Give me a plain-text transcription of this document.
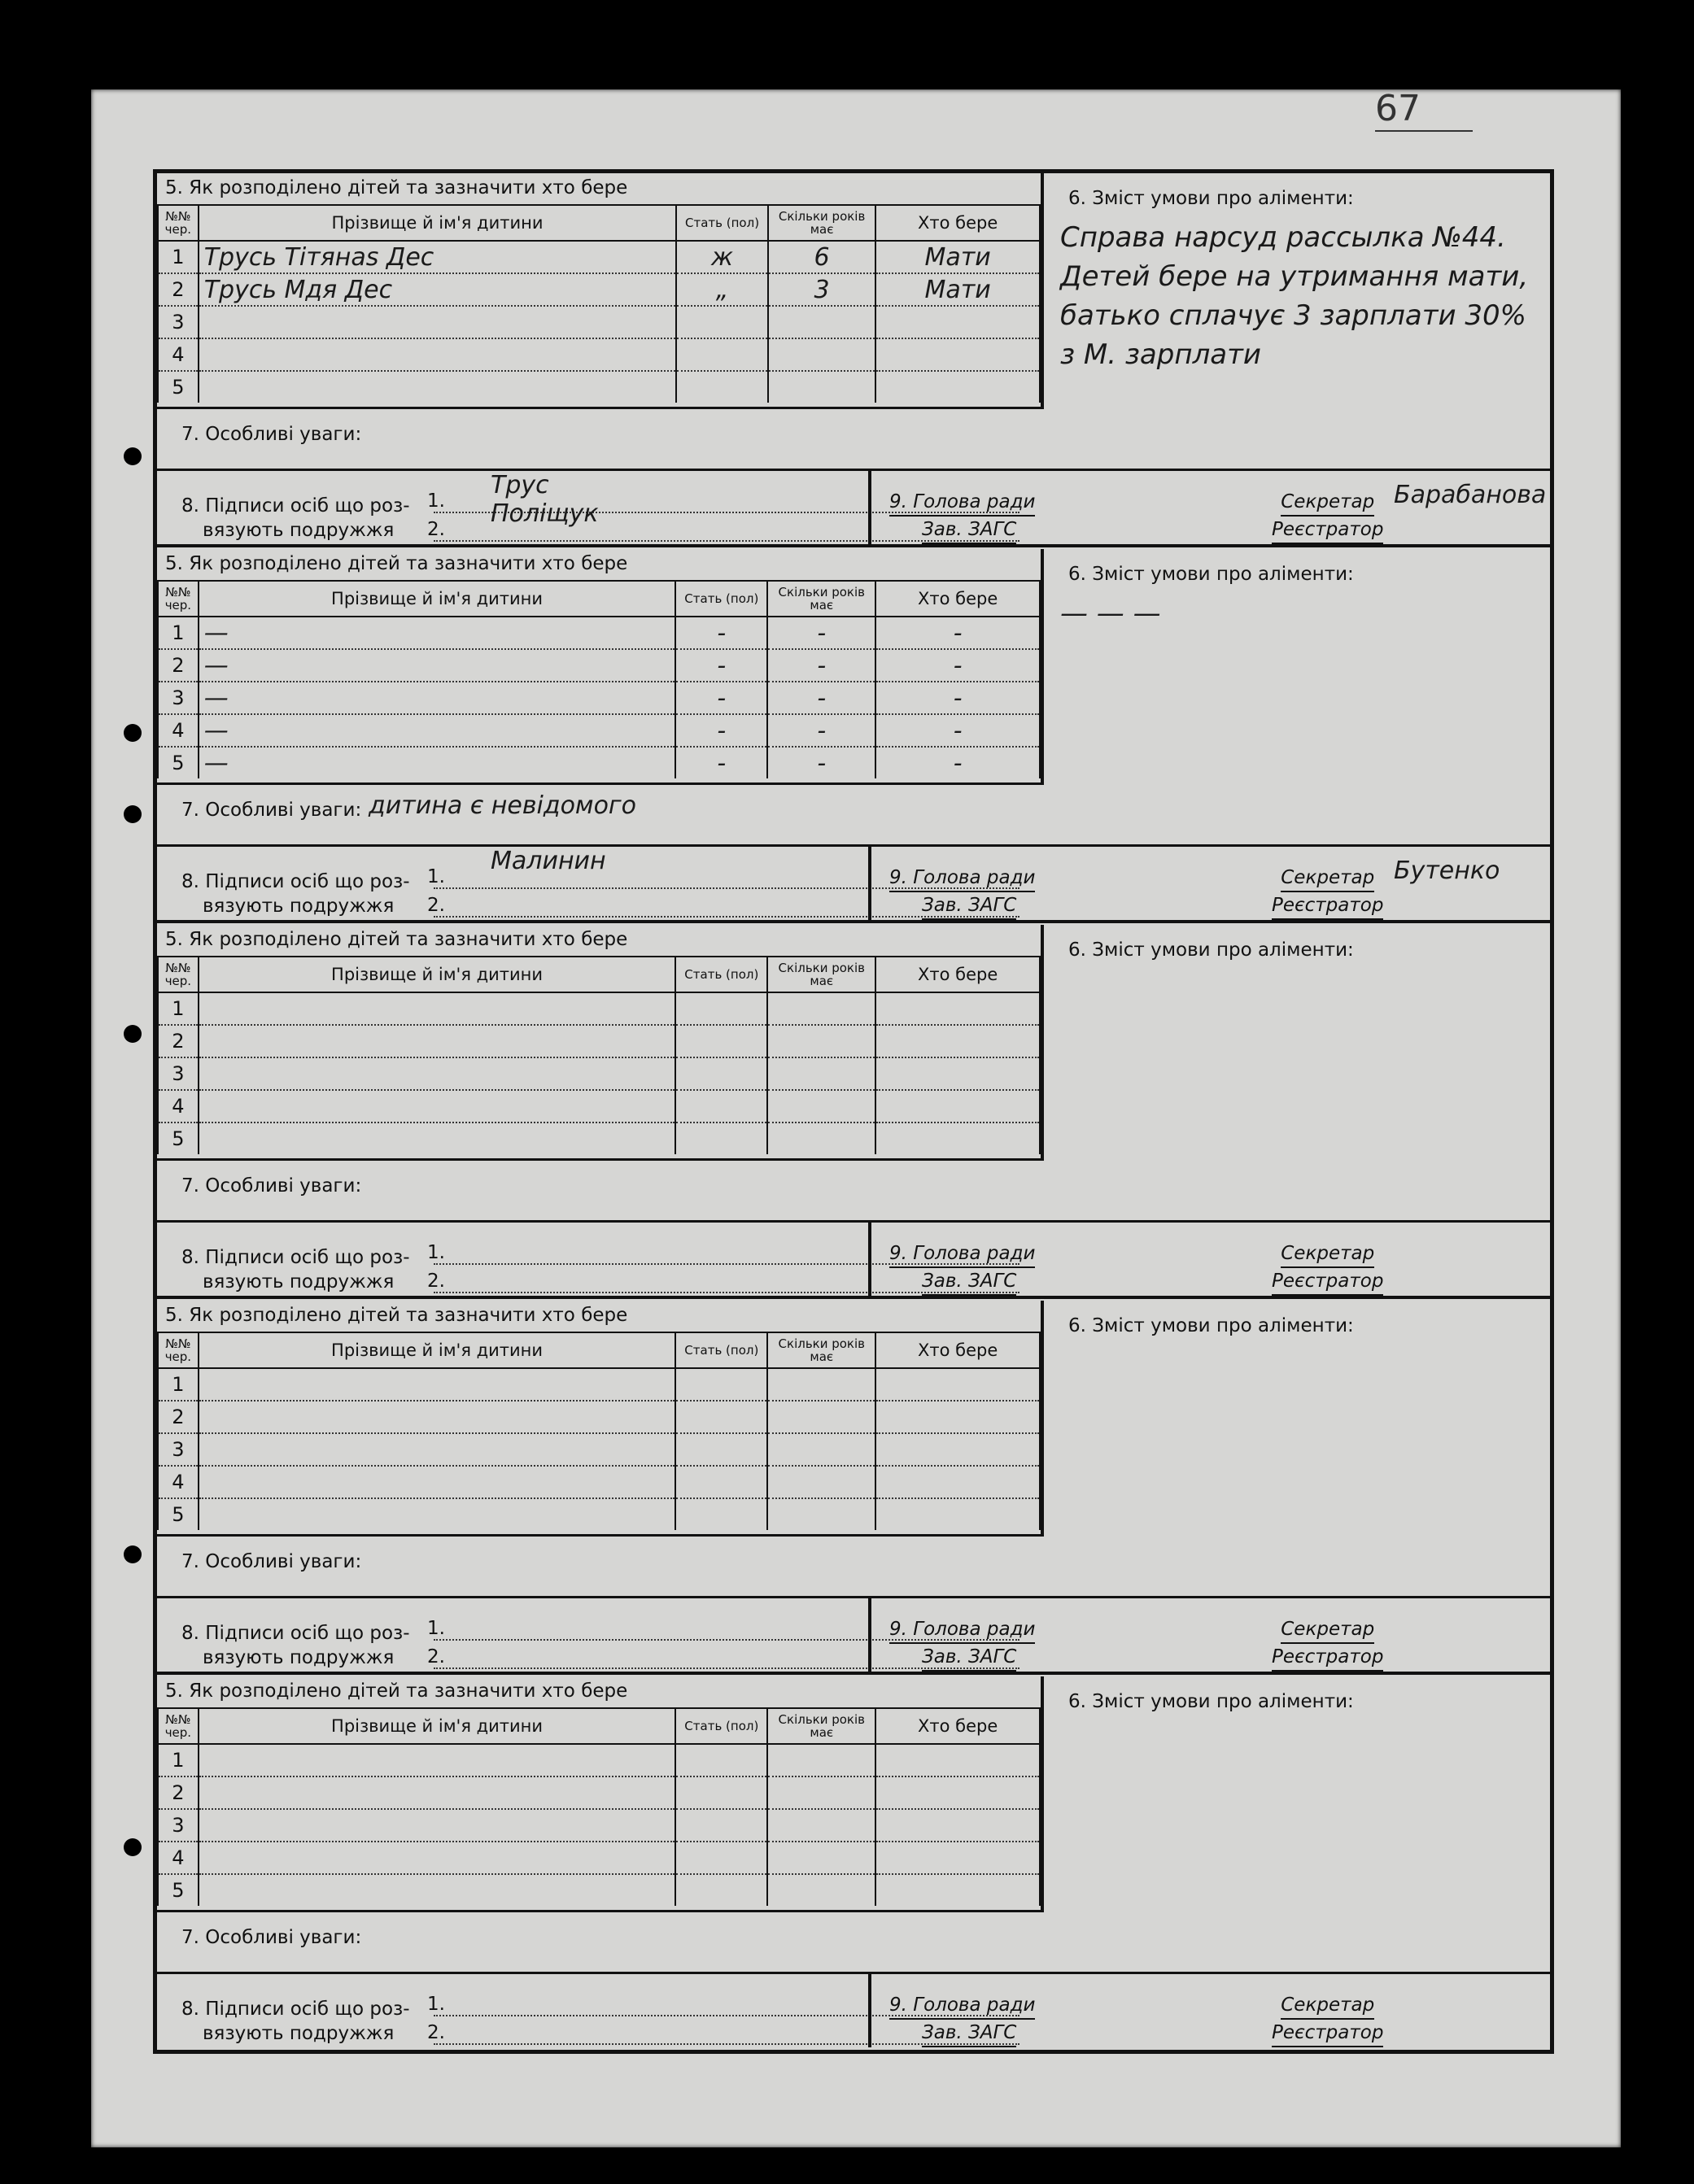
67
5. Як розподілено дітей та зазначити хто бере
№№ чер.	Прізвище й ім'я дитини	Стать (пол)	Скільки років має	Хто бере
1	Трусь Тітянаs Дес	ж	6	Мати
2	Трусь Мдя Дес	„	3	Мати
3				
4				
5				
6. Зміст умови про аліменти:
Справа нарсуд рассылка №44. Детей бере на утримання мати, батько сплачує 3 зарплати 30% з М. зарплати
7. Особливі уваги:
8. Підписи осіб що роз-
вязують подружжя
1.
Трус
2.
Поліщук	9. Голова ради
Зав. ЗАГС
Секретар
Реєстратор
Барабанова
5. Як розподілено дітей та зазначити хто бере
№№ чер.	Прізвище й ім'я дитини	Стать (пол)	Скільки років має	Хто бере
1	—	-	-	-
2	—	-	-	-
3	—	-	-	-
4	—	-	-	-
5	—	-	-	-
6. Зміст умови про аліменти:
— — —
7. Особливі уваги: дитина є невідомого
8. Підписи осіб що роз-
вязують подружжя
1.
Малинин
2.
9. Голова ради
Зав. ЗАГС
Секретар
Реєстратор
Бутенко
5. Як розподілено дітей та зазначити хто бере
№№ чер.	Прізвище й ім'я дитини	Стать (пол)	Скільки років має	Хто бере
1				
2				
3				
4				
5				
6. Зміст умови про аліменти:
7. Особливі уваги:
8. Підписи осіб що роз-
вязують подружжя
1.
2.
9. Голова ради
Зав. ЗАГС
Секретар
Реєстратор
5. Як розподілено дітей та зазначити хто бере
№№ чер.	Прізвище й ім'я дитини	Стать (пол)	Скільки років має	Хто бере
1				
2				
3				
4				
5				
6. Зміст умови про аліменти:
7. Особливі уваги:
8. Підписи осіб що роз-
вязують подружжя
1.
2.
9. Голова ради
Зав. ЗАГС
Секретар
Реєстратор
5. Як розподілено дітей та зазначити хто бере
№№ чер.	Прізвище й ім'я дитини	Стать (пол)	Скільки років має	Хто бере
1				
2				
3				
4				
5				
6. Зміст умови про аліменти:
7. Особливі уваги:
8. Підписи осіб що роз-
вязують подружжя
1.
2.
9. Голова ради
Зав. ЗАГС
Секретар
Реєстратор
